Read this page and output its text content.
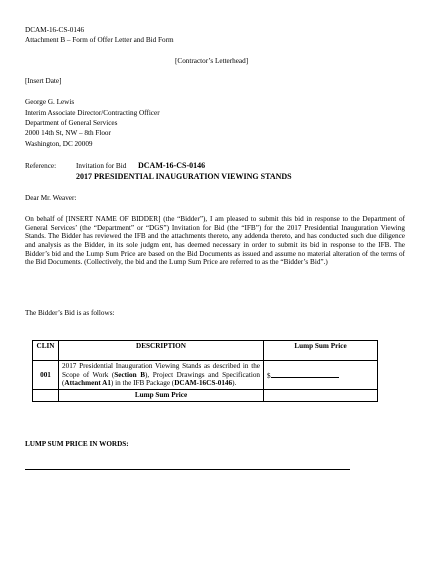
DCAM-16-CS-0146
Attachment B – Form of Offer Letter and Bid Form
[Contractor’s Letterhead]
[Insert Date]
George G. Lewis
Interim Associate Director/Contracting Officer
Department of General Services
2000 14th St, NW – 8th Floor
Washington, DC 20009
Reference:	Invitation for Bid DCAM-16-CS-0146
2017 PRESIDENTIAL INAUGURATION VIEWING STANDS
Dear Mr. Weaver:
On behalf of [INSERT NAME OF BIDDER] (the “Bidder”), I am pleased to submit this bid in response to the Department of General Services’ (the “Department” or “DGS”) Invitation for Bid (the “IFB”) for the 2017 Presidential Inauguration Viewing Stands. The Bidder has reviewed the IFB and the attachments thereto, any addenda thereto, and has conducted such due diligence and analysis as the Bidder, in its sole judgm ent, has deemed necessary in order to submit its bid in response to the IFB. The Bidder’s bid and the Lump Sum Price are based on the Bid Documents as issued and assume no material alteration of the terms of the Bid Documents. (Collectively, the bid and the Lump Sum Price are referred to as the “Bidder’s Bid”.)
The Bidder’s Bid is as follows:
CLIN	DESCRIPTION	Lump Sum Price
001	2017 Presidential Inauguration Viewing Stands as described in the Scope of Work (Section B), Project Drawings and Specification (Attachment A1) in the IFB Package (DCAM-16CS-0146).	$
	Lump Sum Price	
LUMP SUM PRICE IN WORDS:
